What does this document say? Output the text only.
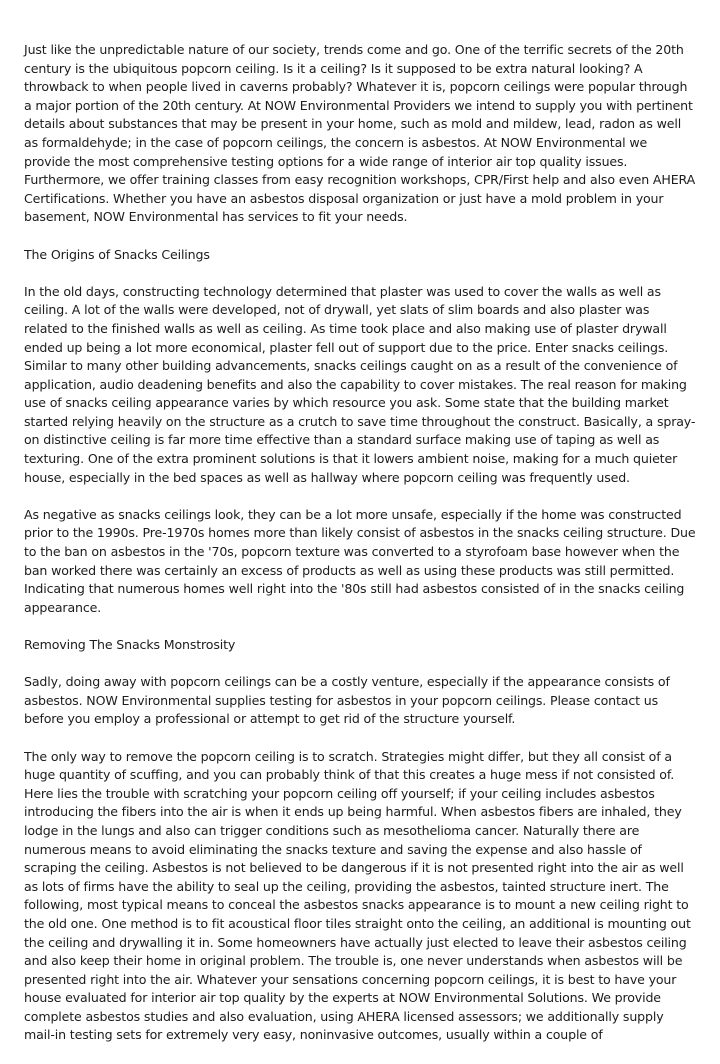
Just like the unpredictable nature of our society, trends come and go. One of the terrific secrets of the 20th century is the ubiquitous popcorn ceiling. Is it a ceiling? Is it supposed to be extra natural looking? A throwback to when people lived in caverns probably? Whatever it is, popcorn ceilings were popular through a major portion of the 20th century. At NOW Environmental Providers we intend to supply you with pertinent details about substances that may be present in your home, such as mold and mildew, lead, radon as well as formaldehyde; in the case of popcorn ceilings, the concern is asbestos. At NOW Environmental we provide the most comprehensive testing options for a wide range of interior air top quality issues. Furthermore, we offer training classes from easy recognition workshops, CPR/First help and also even AHERA Certifications. Whether you have an asbestos disposal organization or just have a mold problem in your basement, NOW Environmental has services to fit your needs.

The Origins of Snacks Ceilings

In the old days, constructing technology determined that plaster was used to cover the walls as well as ceiling. A lot of the walls were developed, not of drywall, yet slats of slim boards and also plaster was related to the finished walls as well as ceiling. As time took place and also making use of plaster drywall ended up being a lot more economical, plaster fell out of support due to the price. Enter snacks ceilings. Similar to many other building advancements, snacks ceilings caught on as a result of the convenience of application, audio deadening benefits and also the capability to cover mistakes. The real reason for making use of snacks ceiling appearance varies by which resource you ask. Some state that the building market started relying heavily on the structure as a crutch to save time throughout the construct. Basically, a spray-on distinctive ceiling is far more time effective than a standard surface making use of taping as well as texturing. One of the extra prominent solutions is that it lowers ambient noise, making for a much quieter house, especially in the bed spaces as well as hallway where popcorn ceiling was frequently used.

As negative as snacks ceilings look, they can be a lot more unsafe, especially if the home was constructed prior to the 1990s. Pre-1970s homes more than likely consist of asbestos in the snacks ceiling structure. Due to the ban on asbestos in the '70s, popcorn texture was converted to a styrofoam base however when the ban worked there was certainly an excess of products as well as using these products was still permitted. Indicating that numerous homes well right into the '80s still had asbestos consisted of in the snacks ceiling appearance.

Removing The Snacks Monstrosity

Sadly, doing away with popcorn ceilings can be a costly venture, especially if the appearance consists of asbestos. NOW Environmental supplies testing for asbestos in your popcorn ceilings. Please contact us before you employ a professional or attempt to get rid of the structure yourself.

The only way to remove the popcorn ceiling is to scratch. Strategies might differ, but they all consist of a huge quantity of scuffing, and you can probably think of that this creates a huge mess if not consisted of. Here lies the trouble with scratching your popcorn ceiling off yourself; if your ceiling includes asbestos introducing the fibers into the air is when it ends up being harmful. When asbestos fibers are inhaled, they lodge in the lungs and also can trigger conditions such as mesothelioma cancer. Naturally there are numerous means to avoid eliminating the snacks texture and saving the expense and also hassle of scraping the ceiling. Asbestos is not believed to be dangerous if it is not presented right into the air as well as lots of firms have the ability to seal up the ceiling, providing the asbestos, tainted structure inert. The following, most typical means to conceal the asbestos snacks appearance is to mount a new ceiling right to the old one. One method is to fit acoustical floor tiles straight onto the ceiling, an additional is mounting out the ceiling and drywalling it in. Some homeowners have actually just elected to leave their asbestos ceiling and also keep their home in original problem. The trouble is, one never understands when asbestos will be presented right into the air. Whatever your sensations concerning popcorn ceilings, it is best to have your house evaluated for interior air top quality by the experts at NOW Environmental Solutions. We provide complete asbestos studies and also evaluation, using AHERA licensed assessors; we additionally supply mail-in testing sets for extremely very easy, noninvasive outcomes, usually within a couple of
